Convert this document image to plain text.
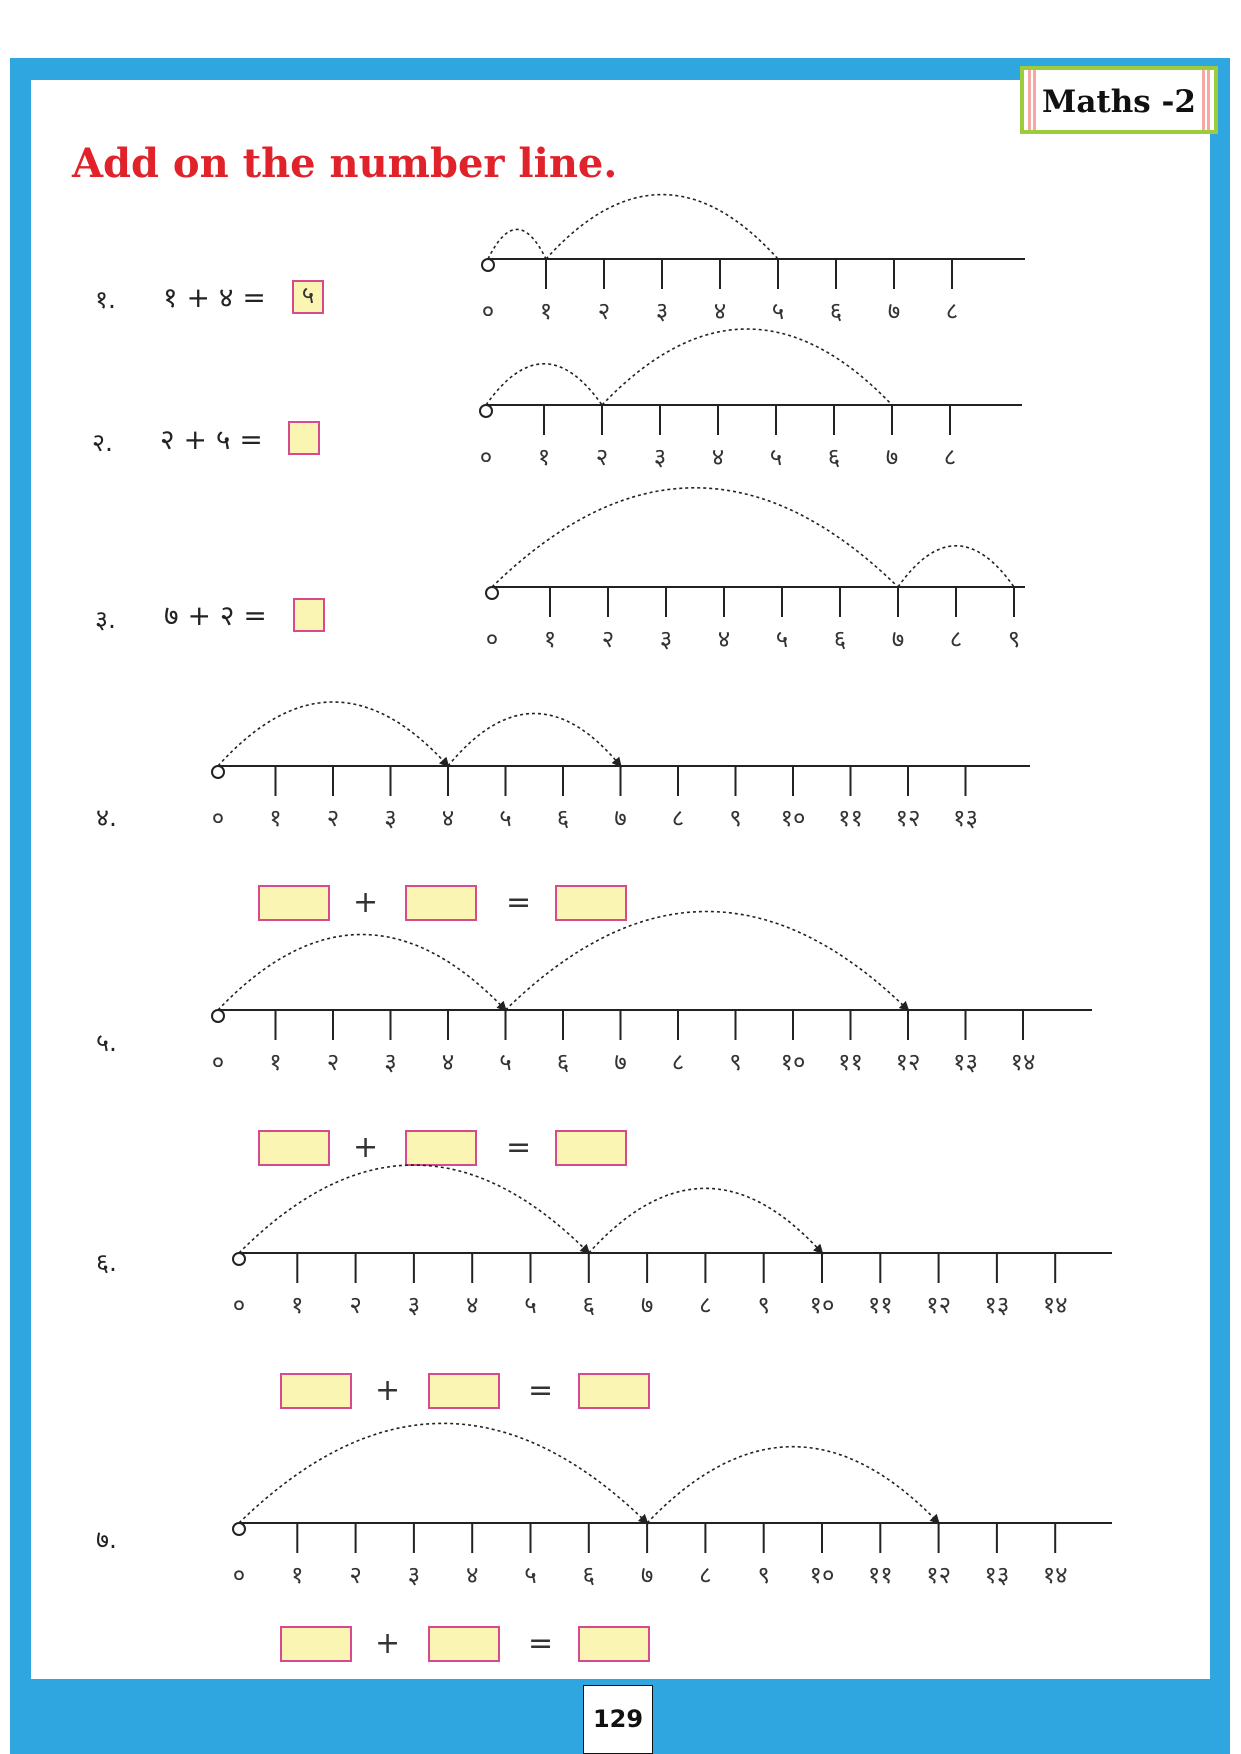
Maths -2
Add on the number line.
१. १ + ४ =	५
२. २ + ५ =
३. ७ + २ =
४.
+	=
५.
+	=
६.
+	=
७.
+	=
० १ २ ३ ४ ५ ६ ७ ८
० १ २ ३ ४ ५ ६ ७ ८
० १ २ ३ ४ ५ ६ ७ ८ ९
० १ २ ३ ४ ५ ६ ७ ८ ९ १० ११ १२ १३
० १ २ ३ ४ ५ ६ ७ ८ ९ १० ११ १२ १३ १४
० १ २ ३ ४ ५ ६ ७ ८ ९ १० ११ १२ १३ १४
० १ २ ३ ४ ५ ६ ७ ८ ९ १० ११ १२ १३ १४
129
